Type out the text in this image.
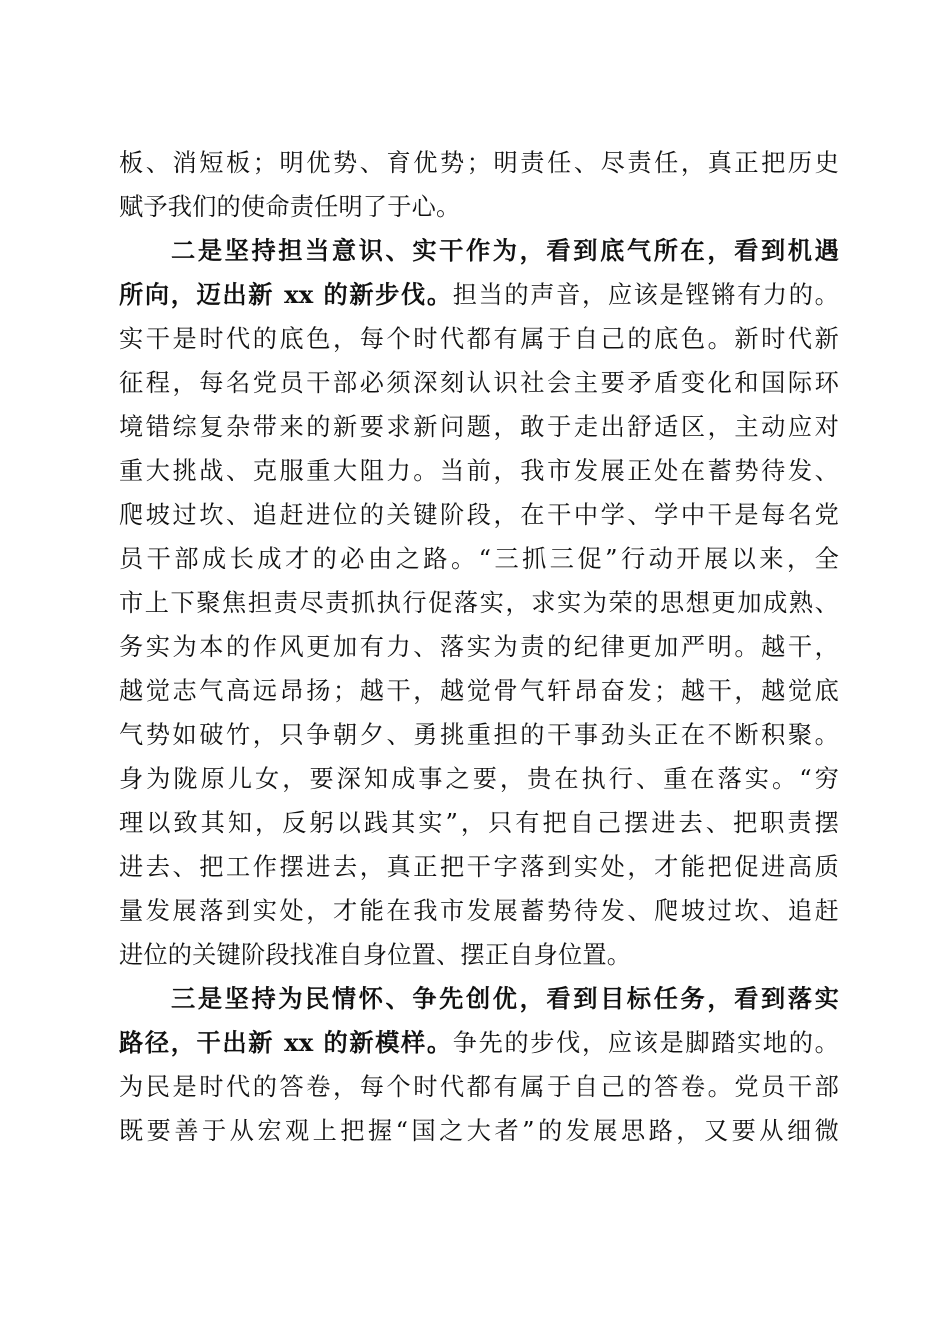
板、消短板；明优势、育优势；明责任、尽责任，真正把历史
赋予我们的使命责任明了于心。
二是坚持担当意识、实干作为，看到底气所在，看到机遇
所向，迈出新 xx 的新步伐。担当的声音，应该是铿锵有力的。
实干是时代的底色，每个时代都有属于自己的底色。新时代新
征程，每名党员干部必须深刻认识社会主要矛盾变化和国际环
境错综复杂带来的新要求新问题，敢于走出舒适区，主动应对
重大挑战、克服重大阻力。当前，我市发展正处在蓄势待发、
爬坡过坎、追赶进位的关键阶段，在干中学、学中干是每名党
员干部成长成才的必由之路。“三抓三促”行动开展以来，全
市上下聚焦担责尽责抓执行促落实，求实为荣的思想更加成熟、
务实为本的作风更加有力、落实为责的纪律更加严明。越干，
越觉志气高远昂扬；越干，越觉骨气轩昂奋发；越干，越觉底
气势如破竹，只争朝夕、勇挑重担的干事劲头正在不断积聚。
身为陇原儿女，要深知成事之要，贵在执行、重在落实。“穷
理以致其知，反躬以践其实”，只有把自己摆进去、把职责摆
进去、把工作摆进去，真正把干字落到实处，才能把促进高质
量发展落到实处，才能在我市发展蓄势待发、爬坡过坎、追赶
进位的关键阶段找准自身位置、摆正自身位置。
三是坚持为民情怀、争先创优，看到目标任务，看到落实
路径，干出新 xx 的新模样。争先的步伐，应该是脚踏实地的。
为民是时代的答卷，每个时代都有属于自己的答卷。党员干部
既要善于从宏观上把握“国之大者”的发展思路，又要从细微
